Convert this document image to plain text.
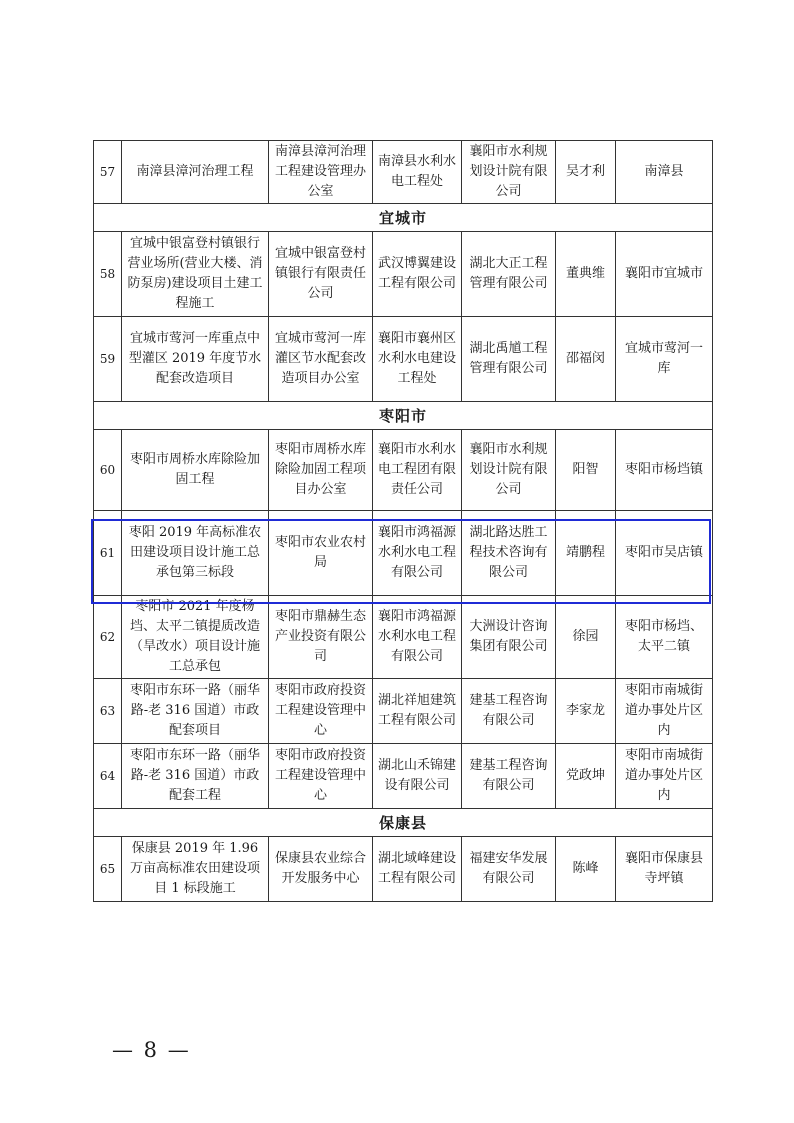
57	南漳县漳河治理工程	南漳县漳河治理工程建设管理办公室	南漳县水利水电工程处	襄阳市水利规划设计院有限公司	吴才利	南漳县
宜城市						
58	宜城中银富登村镇银行营业场所(营业大楼、消防泵房)建设项目土建工程施工	宜城中银富登村镇银行有限责任公司	武汉博翼建设工程有限公司	湖北大正工程管理有限公司	董典维	襄阳市宜城市
59	宜城市莺河一库重点中型灌区 2019 年度节水配套改造项目	宜城市莺河一库灌区节水配套改造项目办公室	襄阳市襄州区水利水电建设工程处	湖北禹馗工程管理有限公司	邵福闵	宜城市莺河一库
枣阳市						
60	枣阳市周桥水库除险加固工程	枣阳市周桥水库除险加固工程项目办公室	襄阳市水利水电工程团有限责任公司	襄阳市水利规划设计院有限公司	阳智	枣阳市杨垱镇
61	枣阳 2019 年高标准农田建设项目设计施工总承包第三标段	枣阳市农业农村局	襄阳市鸿福源水利水电工程有限公司	湖北路达胜工程技术咨询有限公司	靖鹏程	枣阳市吴店镇
62	枣阳市 2021 年度杨垱、太平二镇提质改造（旱改水）项目设计施工总承包	枣阳市鼎赫生态产业投资有限公司	襄阳市鸿福源水利水电工程有限公司	大洲设计咨询集团有限公司	徐园	枣阳市杨垱、太平二镇
63	枣阳市东环一路（丽华路-老 316 国道）市政配套项目	枣阳市政府投资工程建设管理中心	湖北祥旭建筑工程有限公司	建基工程咨询有限公司	李家龙	枣阳市南城街道办事处片区内
64	枣阳市东环一路（丽华路-老 316 国道）市政配套工程	枣阳市政府投资工程建设管理中心	湖北山禾锦建设有限公司	建基工程咨询有限公司	党政坤	枣阳市南城街道办事处片区内
保康县						
65	保康县 2019 年 1.96 万亩高标准农田建设项目 1 标段施工	保康县农业综合开发服务中心	湖北域峰建设工程有限公司	福建安华发展有限公司	陈峰	襄阳市保康县寺坪镇
— 8 —
